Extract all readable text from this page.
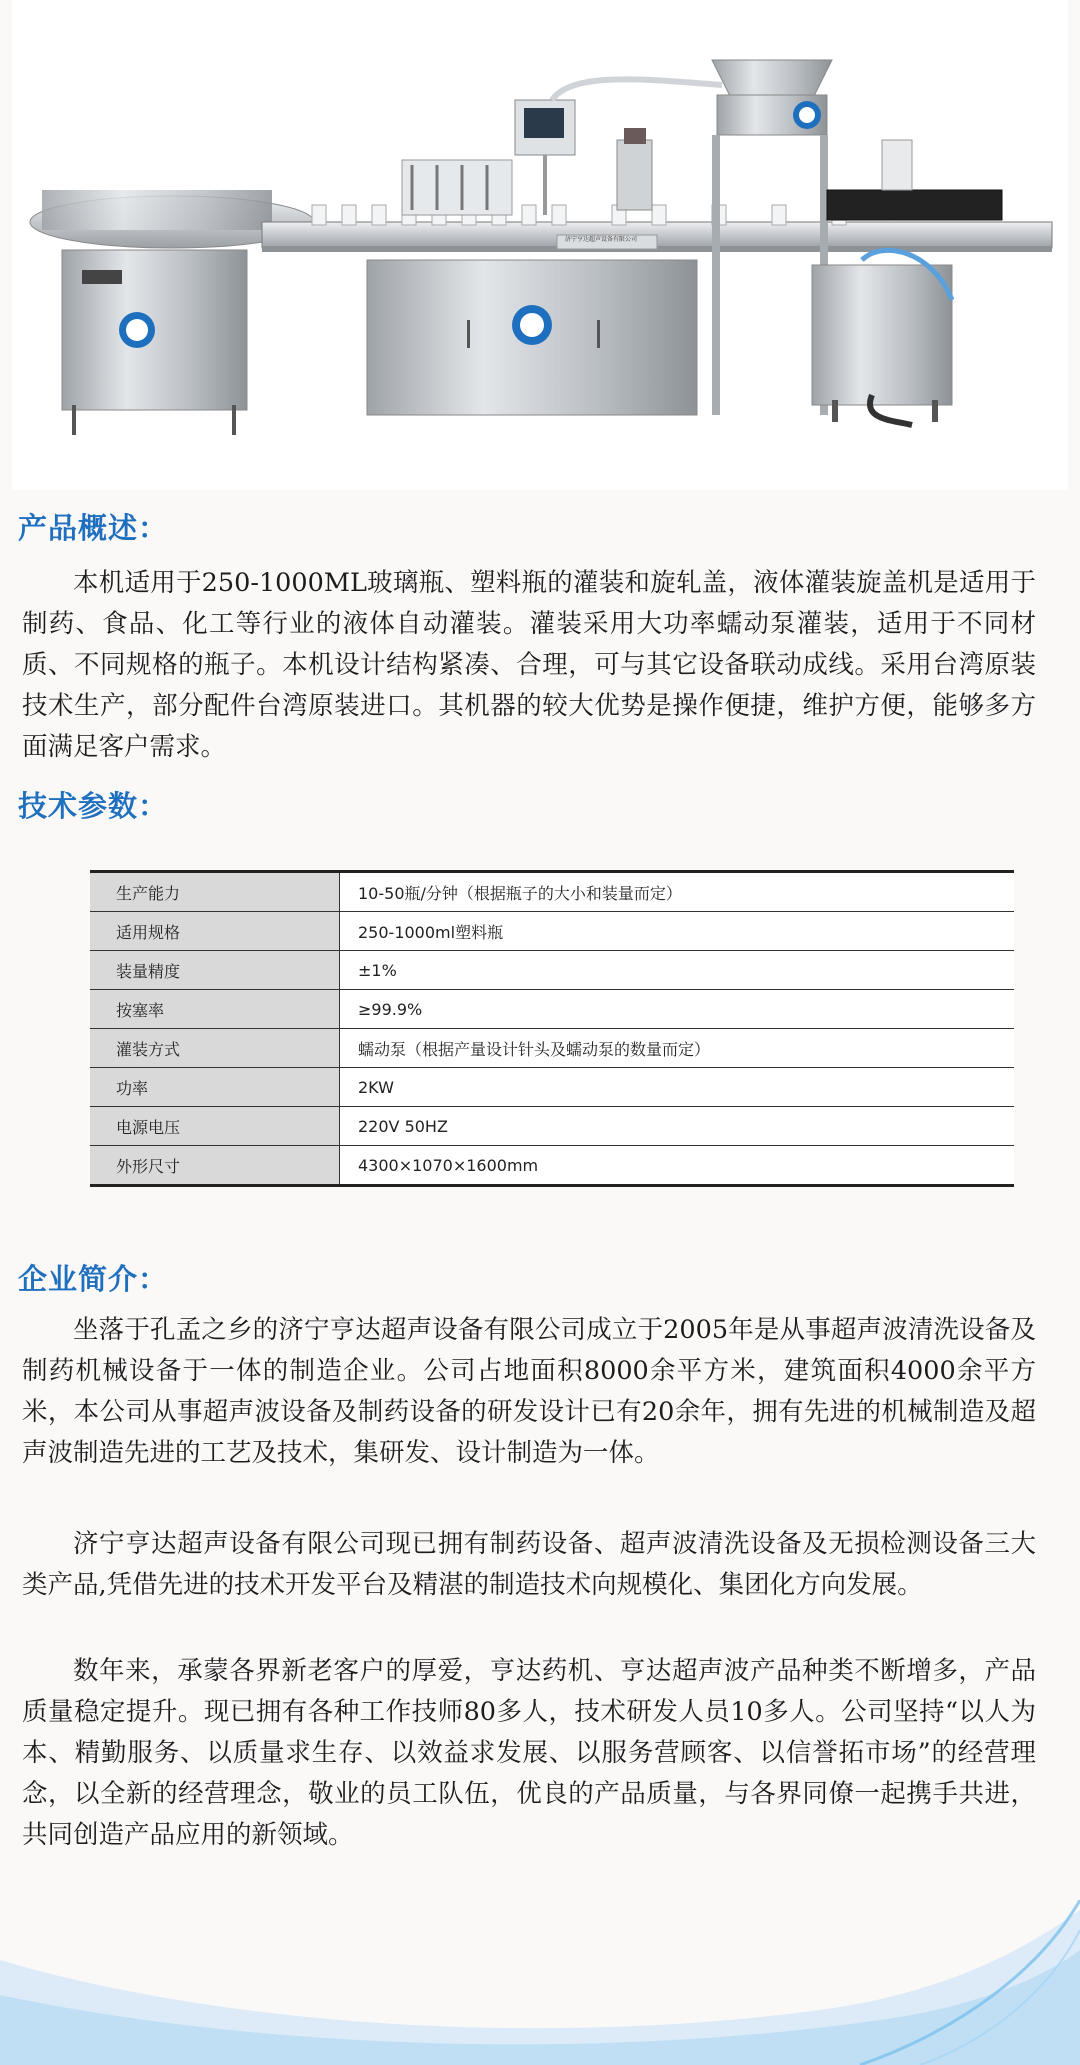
济宁亨达超声设备有限公司
产品概述：

本机适用于250-1000ML玻璃瓶、塑料瓶的灌装和旋轧盖，液体灌装旋盖机是适用于制药、食品、化工等行业的液体自动灌装。灌装采用大功率蠕动泵灌装，适用于不同材质、不同规格的瓶子。本机设计结构紧凑、合理，可与其它设备联动成线。采用台湾原装技术生产，部分配件台湾原装进口。其机器的较大优势是操作便捷，维护方便，能够多方面满足客户需求。

技术参数：
生产能力	10-50瓶/分钟（根据瓶子的大小和装量而定）
适用规格	250-1000ml塑料瓶
装量精度	±1%
按塞率	≥99.9%
灌装方式	蠕动泵（根据产量设计针头及蠕动泵的数量而定）
功率	2KW
电源电压	220V 50HZ
外形尺寸	4300×1070×1600mm
企业简介：

坐落于孔孟之乡的济宁亨达超声设备有限公司成立于2005年是从事超声波清洗设备及制药机械设备于一体的制造企业。公司占地面积8000余平方米，建筑面积4000余平方米，本公司从事超声波设备及制药设备的研发设计已有20余年，拥有先进的机械制造及超声波制造先进的工艺及技术，集研发、设计制造为一体。

济宁亨达超声设备有限公司现已拥有制药设备、超声波清洗设备及无损检测设备三大类产品,凭借先进的技术开发平台及精湛的制造技术向规模化、集团化方向发展。

数年来，承蒙各界新老客户的厚爱，亨达药机、亨达超声波产品种类不断增多，产品质量稳定提升。现已拥有各种工作技师80多人，技术研发人员10多人。公司坚持“以人为本、精勤服务、以质量求生存、以效益求发展、以服务营顾客、以信誉拓市场”的经营理念，以全新的经营理念，敬业的员工队伍，优良的产品质量，与各界同僚一起携手共进，共同创造产品应用的新领域。
